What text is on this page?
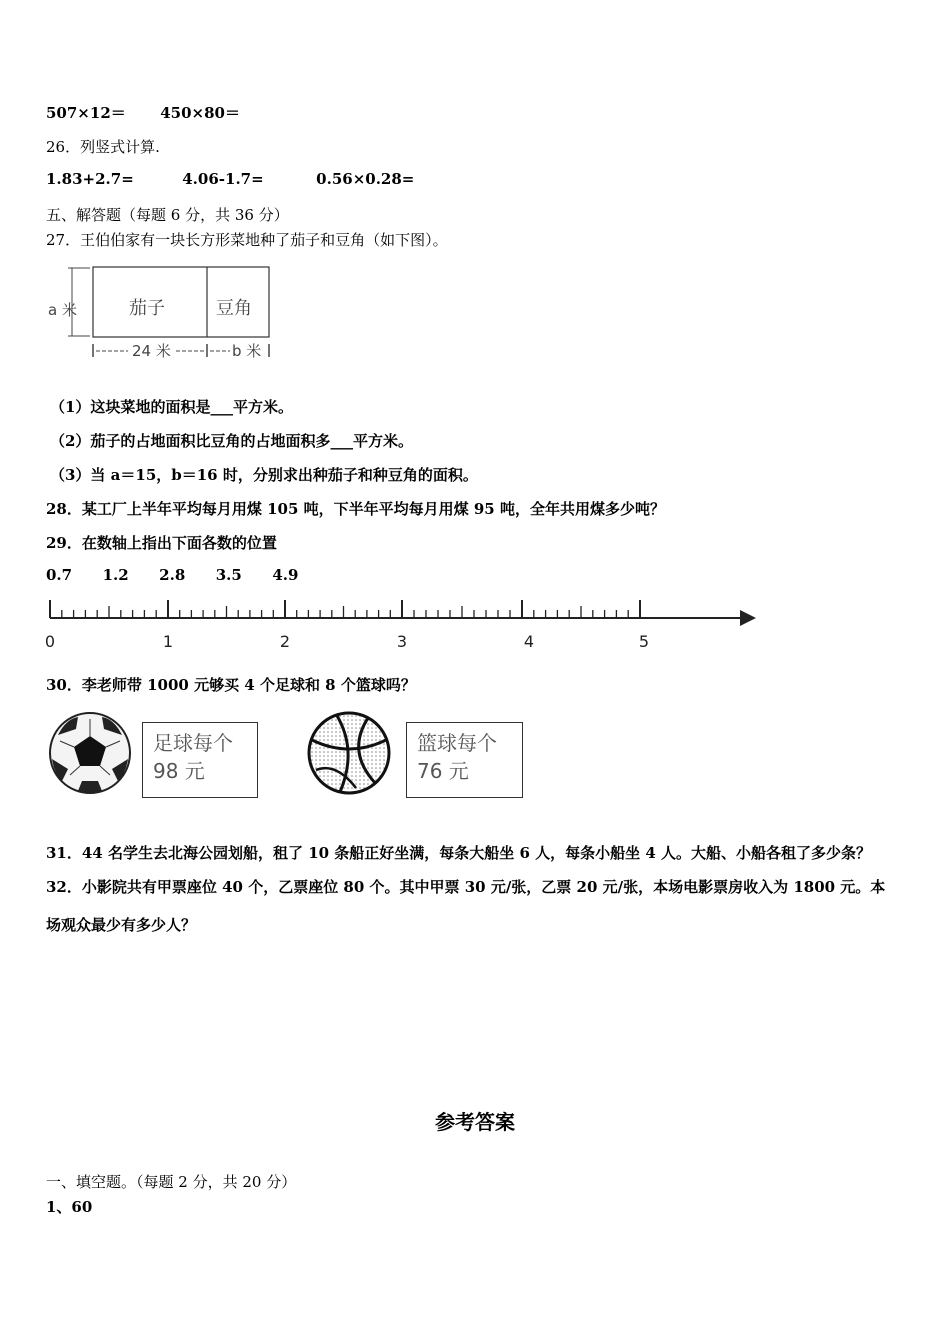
507×12＝ 450×80＝
26．列竖式计算.
1.83+2.7=	4.06-1.7=	0.56×0.28=
五、解答题（每题 6 分，共 36 分）
27．王伯伯家有一块长方形菜地种了茄子和豆角（如下图）。
a 米	茄子	豆角
24 米	b 米
（1）这块菜地的面积是___平方米。
（2）茄子的占地面积比豆角的占地面积多___平方米。
（3）当 a＝15，b＝16 时，分别求出种茄子和种豆角的面积。
28．某工厂上半年平均每月用煤 105 吨，下半年平均每月用煤 95 吨，全年共用煤多少吨？
29．在数轴上指出下面各数的位置
0.7 1.2 2.8 3.5 4.9
0	1	2	3	4	5
30．李老师带 1000 元够买 4 个足球和 8 个篮球吗？
足球每个
98 元
篮球每个
76 元
31．44 名学生去北海公园划船，租了 10 条船正好坐满，每条大船坐 6 人，每条小船坐 4 人。大船、小船各租了多少条？
32．小影院共有甲票座位 40 个，乙票座位 80 个。其中甲票 30 元/张，乙票 20 元/张，本场电影票房收入为 1800 元。本
场观众最少有多少人？
参考答案
一、填空题。（每题 2 分，共 20 分）
1、60
